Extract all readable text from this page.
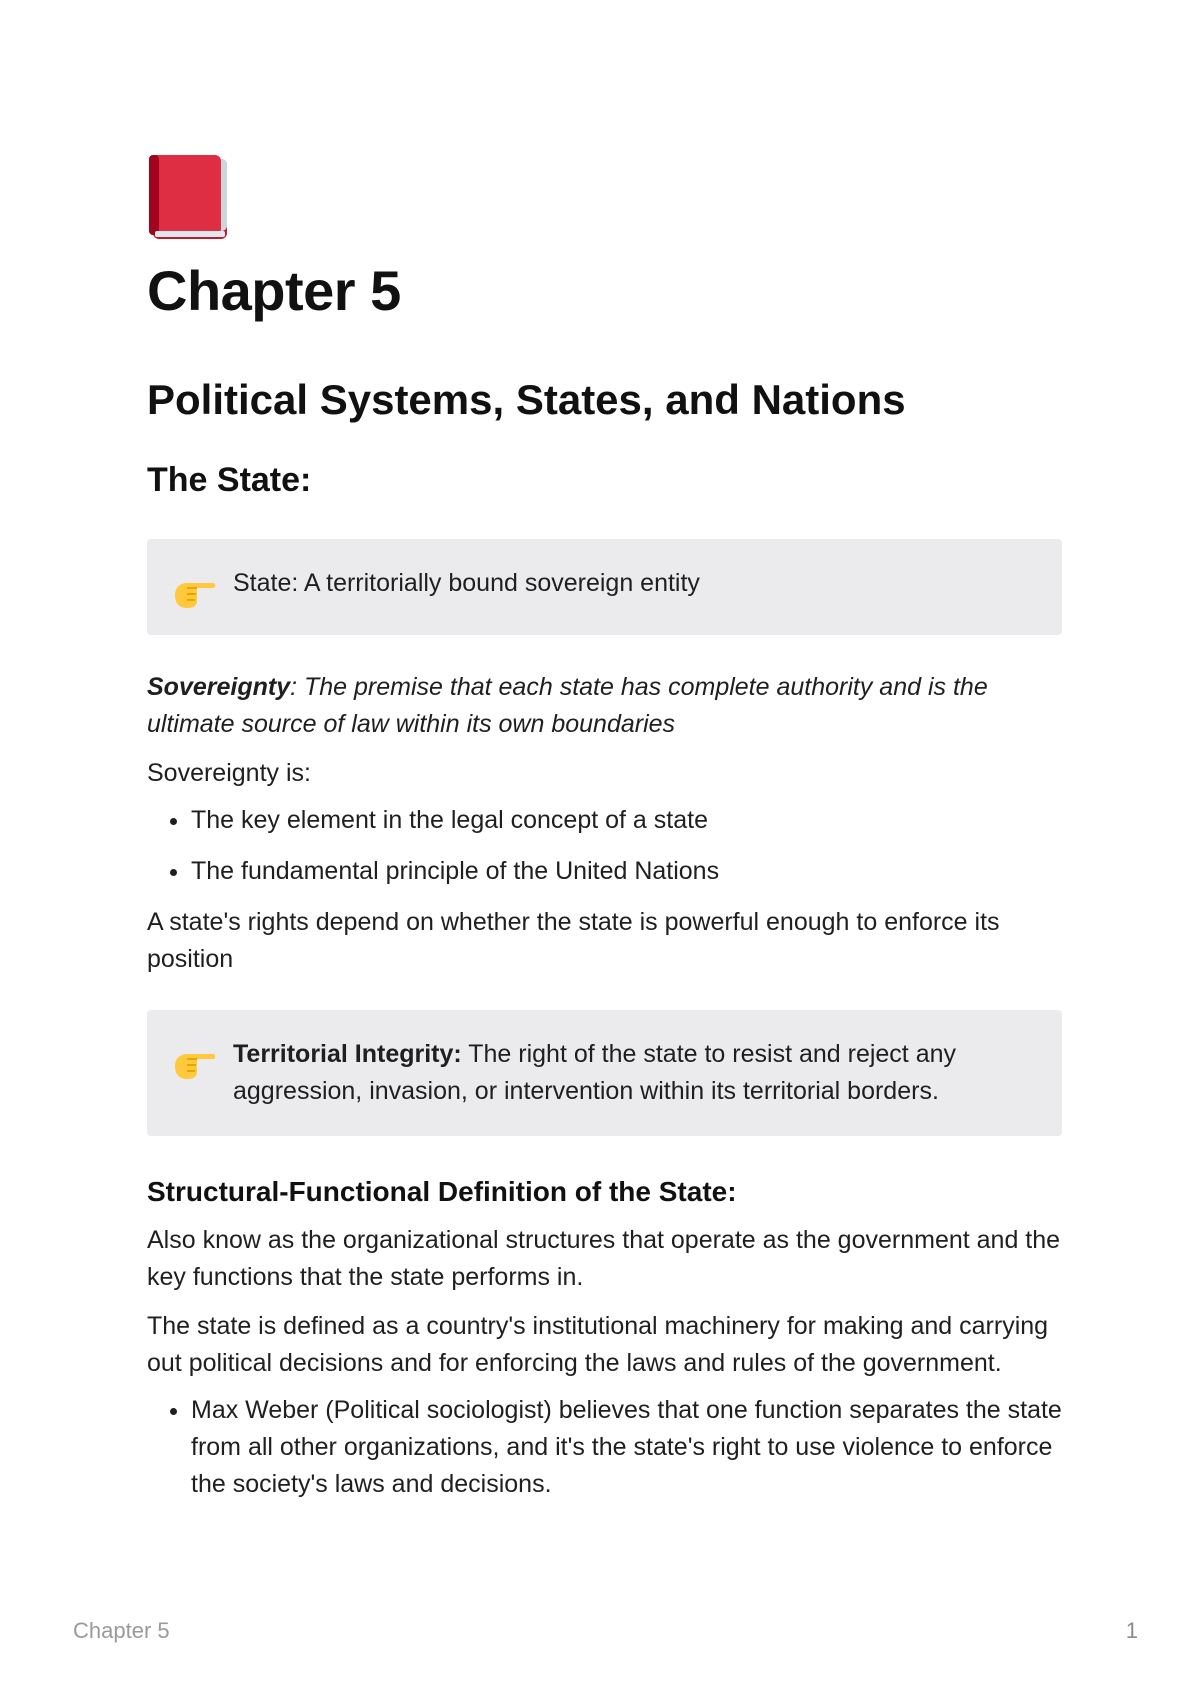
Chapter 5
Political Systems, States, and Nations
The State:

State: A territorially bound sovereign entity

Sovereignty: The premise that each state has complete authority and is the ultimate source of law within its own boundaries

Sovereignty is:

• The key element in the legal concept of a state
• The fundamental principle of the United Nations

A state's rights depend on whether the state is powerful enough to enforce its position

Territorial Integrity: The right of the state to resist and reject any aggression, invasion, or intervention within its territorial borders.

Structural-Functional Definition of the State:

Also know as the organizational structures that operate as the government and the key functions that the state performs in.

The state is defined as a country's institutional machinery for making and carrying out political decisions and for enforcing the laws and rules of the government.

• Max Weber (Political sociologist) believes that one function separates the state from all other organizations, and it's the state's right to use violence to enforce the society's laws and decisions.
Chapter 5	1
